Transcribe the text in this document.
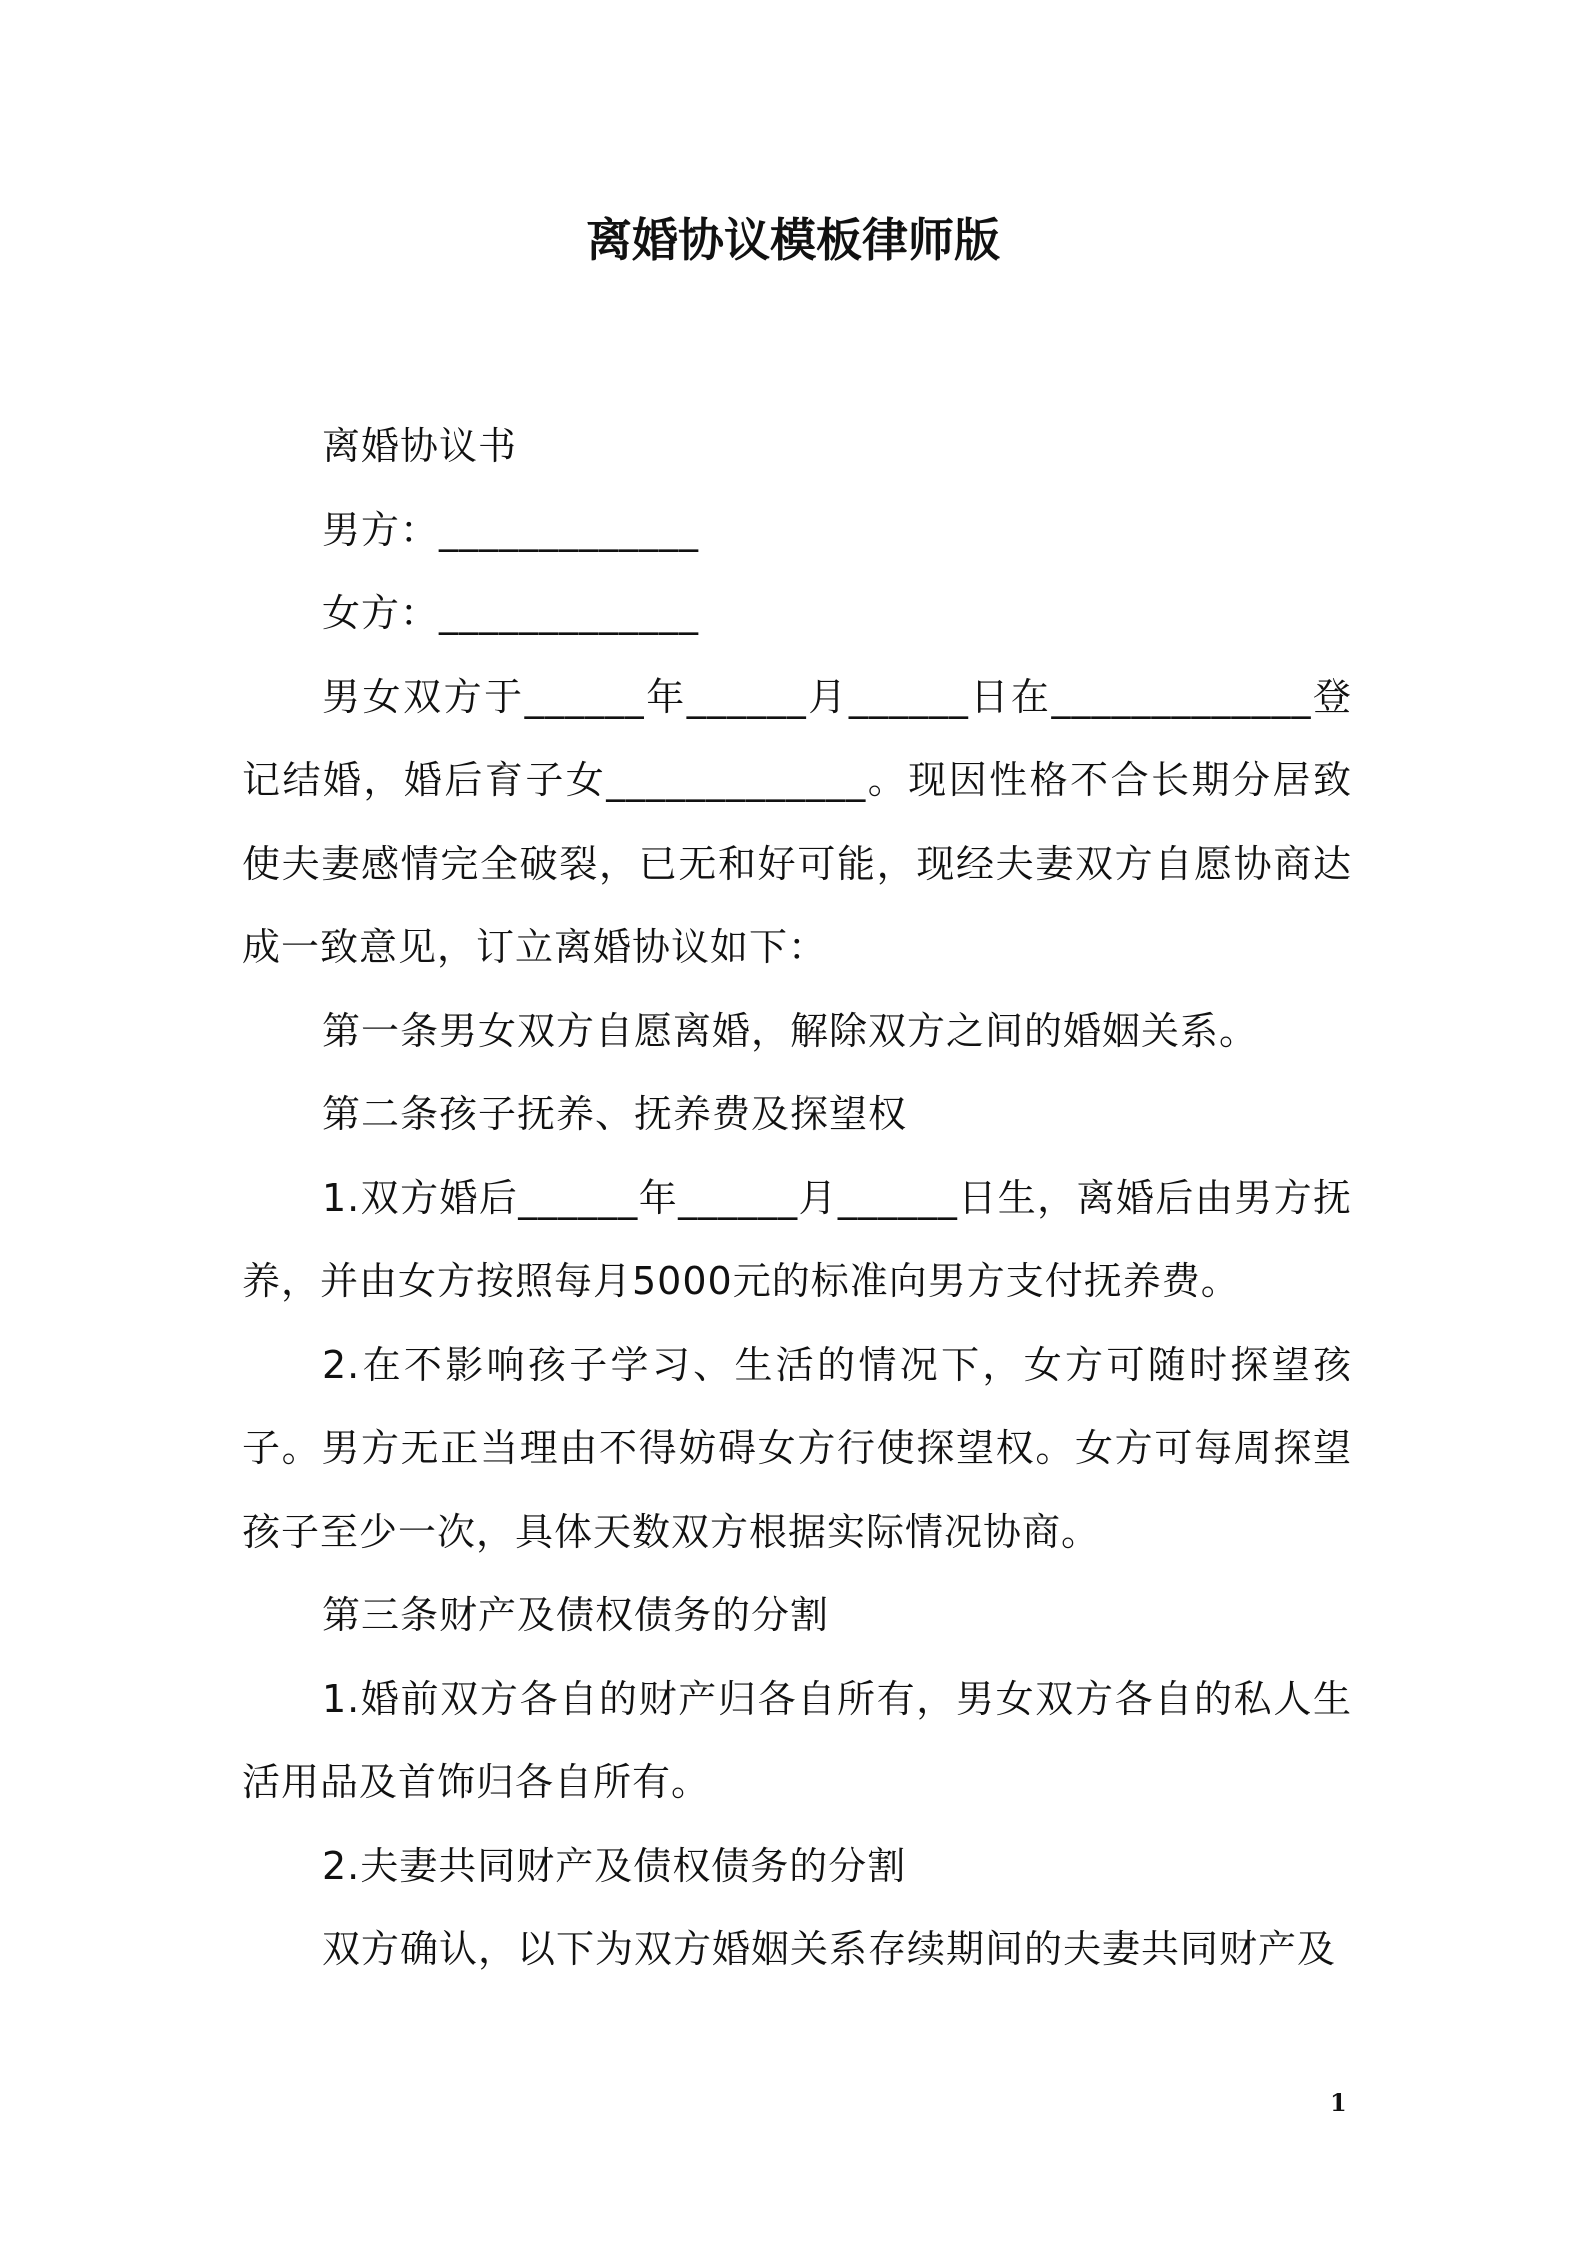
离婚协议模板律师版

离婚协议书

男方：_____________

女方：_____________

男女双方于______年______月______日在_____________登记结婚，婚后育子女_____________。现因性格不合长期分居致使夫妻感情完全破裂，已无和好可能，现经夫妻双方自愿协商达成一致意见，订立离婚协议如下：

第一条男女双方自愿离婚，解除双方之间的婚姻关系。

第二条孩子抚养、抚养费及探望权

1.双方婚后______年______月______日生，离婚后由男方抚养，并由女方按照每月5000元的标准向男方支付抚养费。

2.在不影响孩子学习、生活的情况下，女方可随时探望孩子。男方无正当理由不得妨碍女方行使探望权。女方可每周探望孩子至少一次，具体天数双方根据实际情况协商。

第三条财产及债权债务的分割

1.婚前双方各自的财产归各自所有，男女双方各自的私人生活用品及首饰归各自所有。

2.夫妻共同财产及债权债务的分割

双方确认，以下为双方婚姻关系存续期间的夫妻共同财产及

1
